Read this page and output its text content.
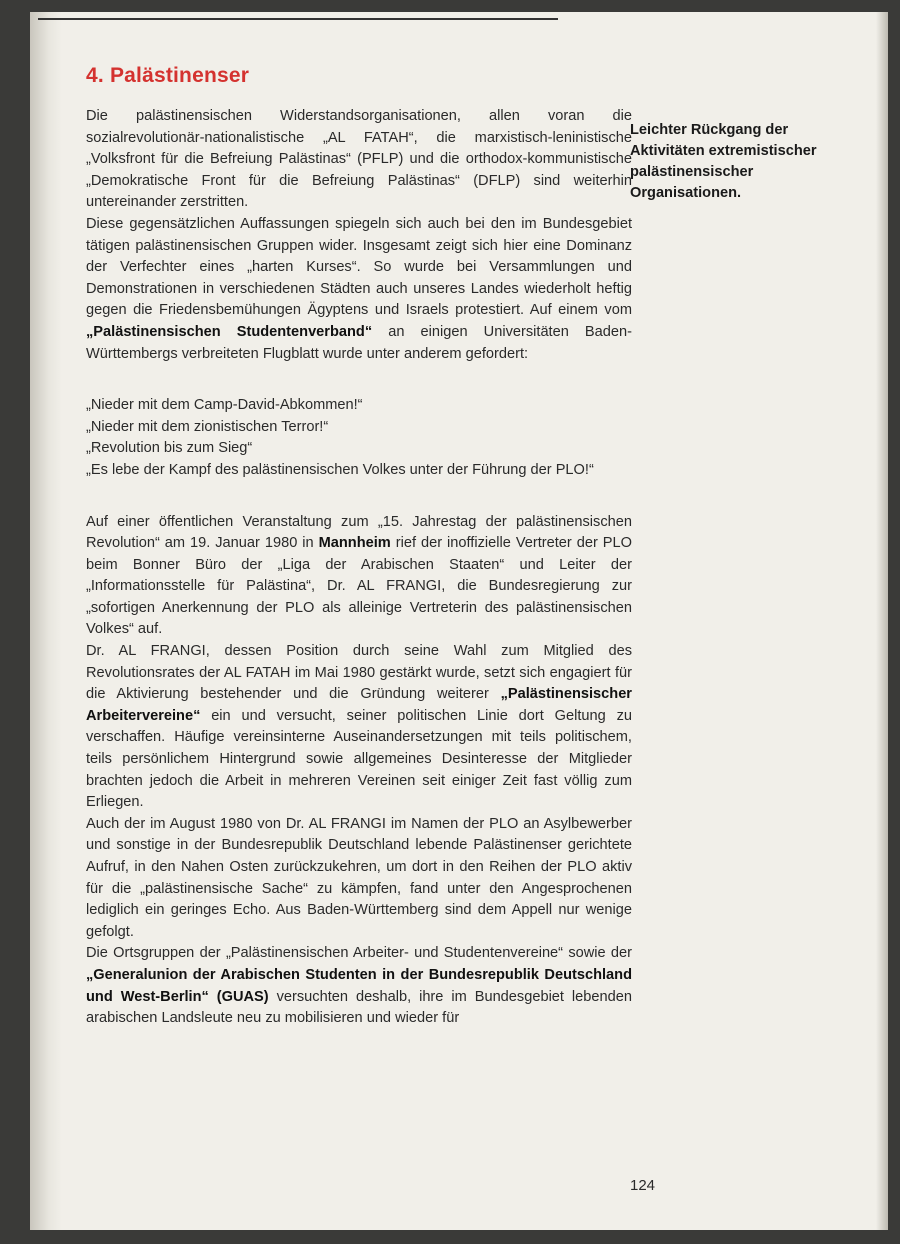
4. Palästinenser

Die palästinensischen Widerstandsorganisationen, allen voran die sozialrevolutionär-nationalistische „AL FATAH“, die marxistisch-leninistische „Volksfront für die Befreiung Palästinas“ (PFLP) und die orthodox-kommunistische „Demokratische Front für die Befreiung Palästinas“ (DFLP) sind weiterhin untereinander zerstritten.

Diese gegensätzlichen Auffassungen spiegeln sich auch bei den im Bundesgebiet tätigen palästinensischen Gruppen wider. Insgesamt zeigt sich hier eine Dominanz der Verfechter eines „harten Kurses“. So wurde bei Versammlungen und Demonstrationen in verschiedenen Städten auch unseres Landes wiederholt heftig gegen die Friedensbemühungen Ägyptens und Israels protestiert. Auf einem vom „Palästinensischen Studentenverband“ an einigen Universitäten Baden-Württembergs verbreiteten Flugblatt wurde unter anderem gefordert:

„Nieder mit dem Camp-David-Abkommen!“
„Nieder mit dem zionistischen Terror!“
„Revolution bis zum Sieg“
„Es lebe der Kampf des palästinensischen Volkes unter der Führung der PLO!“

Auf einer öffentlichen Veranstaltung zum „15. Jahrestag der palästinensischen Revolution“ am 19. Januar 1980 in Mannheim rief der inoffizielle Vertreter der PLO beim Bonner Büro der „Liga der Arabischen Staaten“ und Leiter der „Informationsstelle für Palästina“, Dr. AL FRANGI, die Bundesregierung zur „sofortigen Anerkennung der PLO als alleinige Vertreterin des palästinensischen Volkes“ auf.

Dr. AL FRANGI, dessen Position durch seine Wahl zum Mitglied des Revolutionsrates der AL FATAH im Mai 1980 gestärkt wurde, setzt sich engagiert für die Aktivierung bestehender und die Gründung weiterer „Palästinensischer Arbeitervereine“ ein und versucht, seiner politischen Linie dort Geltung zu verschaffen. Häufige vereinsinterne Auseinandersetzungen mit teils politischem, teils persönlichem Hintergrund sowie allgemeines Desinteresse der Mitglieder brachten jedoch die Arbeit in mehreren Vereinen seit einiger Zeit fast völlig zum Erliegen.

Auch der im August 1980 von Dr. AL FRANGI im Namen der PLO an Asylbewerber und sonstige in der Bundesrepublik Deutschland lebende Palästinenser gerichtete Aufruf, in den Nahen Osten zurückzukehren, um dort in den Reihen der PLO aktiv für die „palästinensische Sache“ zu kämpfen, fand unter den Angesprochenen lediglich ein geringes Echo. Aus Baden-Württemberg sind dem Appell nur wenige gefolgt.

Die Ortsgruppen der „Palästinensischen Arbeiter- und Studentenvereine“ sowie der „Generalunion der Arabischen Studenten in der Bundesrepublik Deutschland und West-Berlin“ (GUAS) versuchten deshalb, ihre im Bundesgebiet lebenden arabischen Landsleute neu zu mobilisieren und wieder für

Leichter Rückgang der Aktivitäten extremistischer palästinensischer Organisationen.
124
